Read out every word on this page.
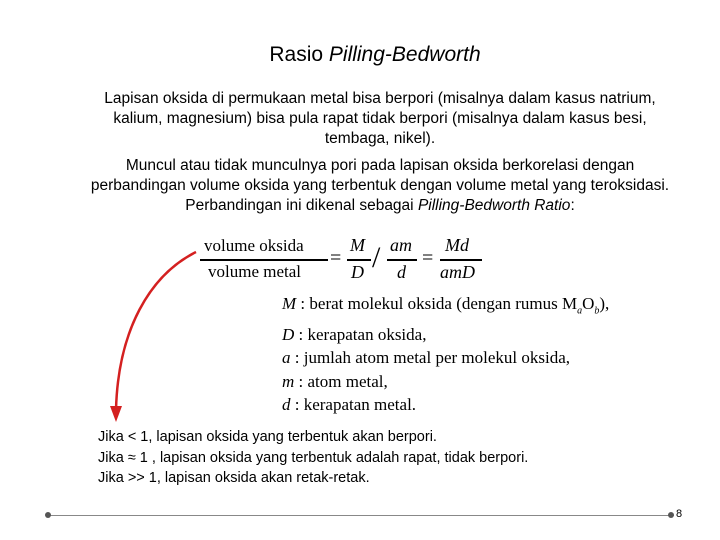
Rasio Pilling-Bedworth
Lapisan oksida di permukaan metal bisa berpori (misalnya dalam kasus natrium, kalium, magnesium) bisa pula rapat tidak berpori (misalnya dalam kasus besi, tembaga, nikel).
Muncul atau tidak munculnya pori pada lapisan oksida berkorelasi dengan perbandingan volume oksida yang terbentuk dengan volume metal yang teroksidasi. Perbandingan ini dikenal sebagai Pilling-Bedworth Ratio:
volume oksida
volume metal
=
M
D / am
d
=
Md
amD
M : berat molekul oksida (dengan rumus $M_aO_b$),
D : kerapatan oksida,
a : jumlah atom metal per molekul oksida,
m : atom metal,
d : kerapatan metal.
Jika < 1, lapisan oksida yang terbentuk akan berpori.
Jika ≈ 1 , lapisan oksida yang terbentuk adalah rapat, tidak berpori.
Jika >> 1, lapisan oksida akan retak-retak.
8
